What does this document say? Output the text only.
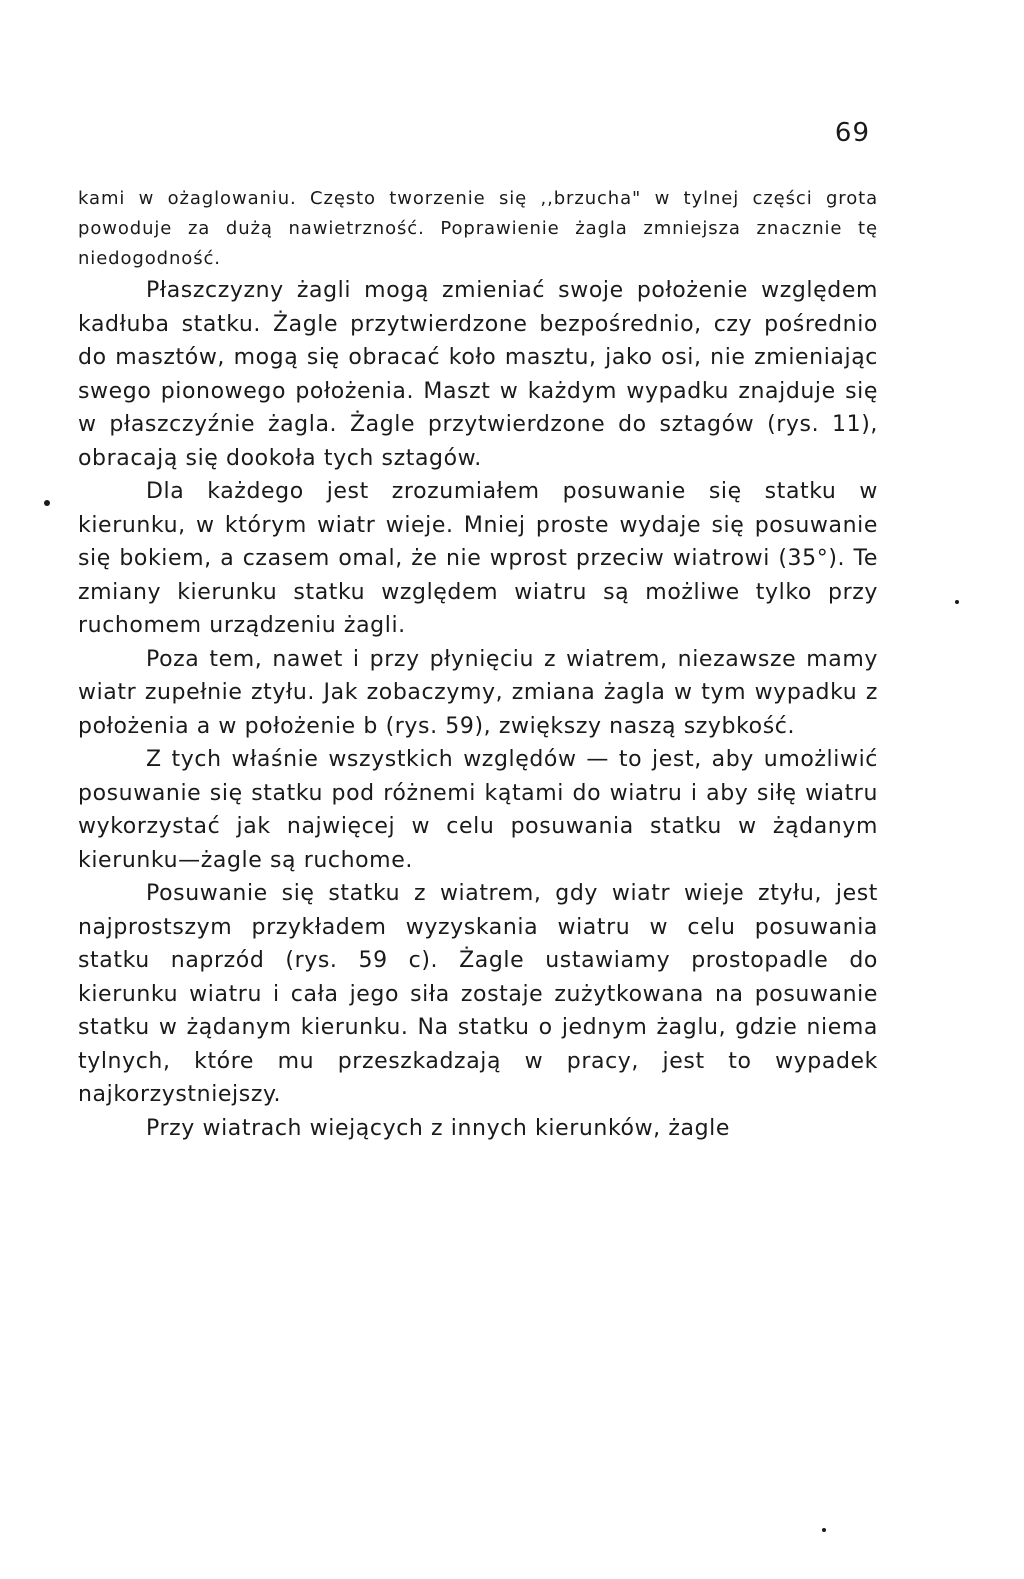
69

kami w ożaglowaniu. Często tworzenie się ,,brzucha" w tylnej części grota powoduje za dużą nawietrzność. Poprawienie żagla zmniejsza znacznie tę niedogodność.

Płaszczyzny żagli mogą zmieniać swoje położenie względem kadłuba statku. Żagle przytwierdzone bezpośrednio, czy pośrednio do masztów, mogą się obracać koło masztu, jako osi, nie zmieniając swego pionowego położenia. Maszt w każdym wypadku znajduje się w płaszczyźnie żagla. Żagle przytwierdzone do sztagów (rys. 11), obracają się dookoła tych sztagów.

Dla każdego jest zrozumiałem posuwanie się statku w kierunku, w którym wiatr wieje. Mniej proste wydaje się posuwanie się bokiem, a czasem omal, że nie wprost przeciw wiatrowi (35°). Te zmiany kierunku statku względem wiatru są możliwe tylko przy ruchomem urządzeniu żagli.

Poza tem, nawet i przy płynięciu z wiatrem, niezawsze mamy wiatr zupełnie ztyłu. Jak zobaczymy, zmiana żagla w tym wypadku z położenia a w położenie b (rys. 59), zwiększy naszą szybkość.

Z tych właśnie wszystkich względów — to jest, aby umożliwić posuwanie się statku pod różnemi kątami do wiatru i aby siłę wiatru wykorzystać jak najwięcej w celu posuwania statku w żądanym kierunku—żagle są ruchome.

Posuwanie się statku z wiatrem, gdy wiatr wieje ztyłu, jest najprostszym przykładem wyzyskania wiatru w celu posuwania statku naprzód (rys. 59 c). Żagle ustawiamy prostopadle do kierunku wiatru i cała jego siła zostaje zużytkowana na posuwanie statku w żądanym kierunku. Na statku o jednym żaglu, gdzie niema tylnych, które mu przeszkadzają w pracy, jest to wypadek najkorzystniejszy.

Przy wiatrach wiejących z innych kierunków, żagle
